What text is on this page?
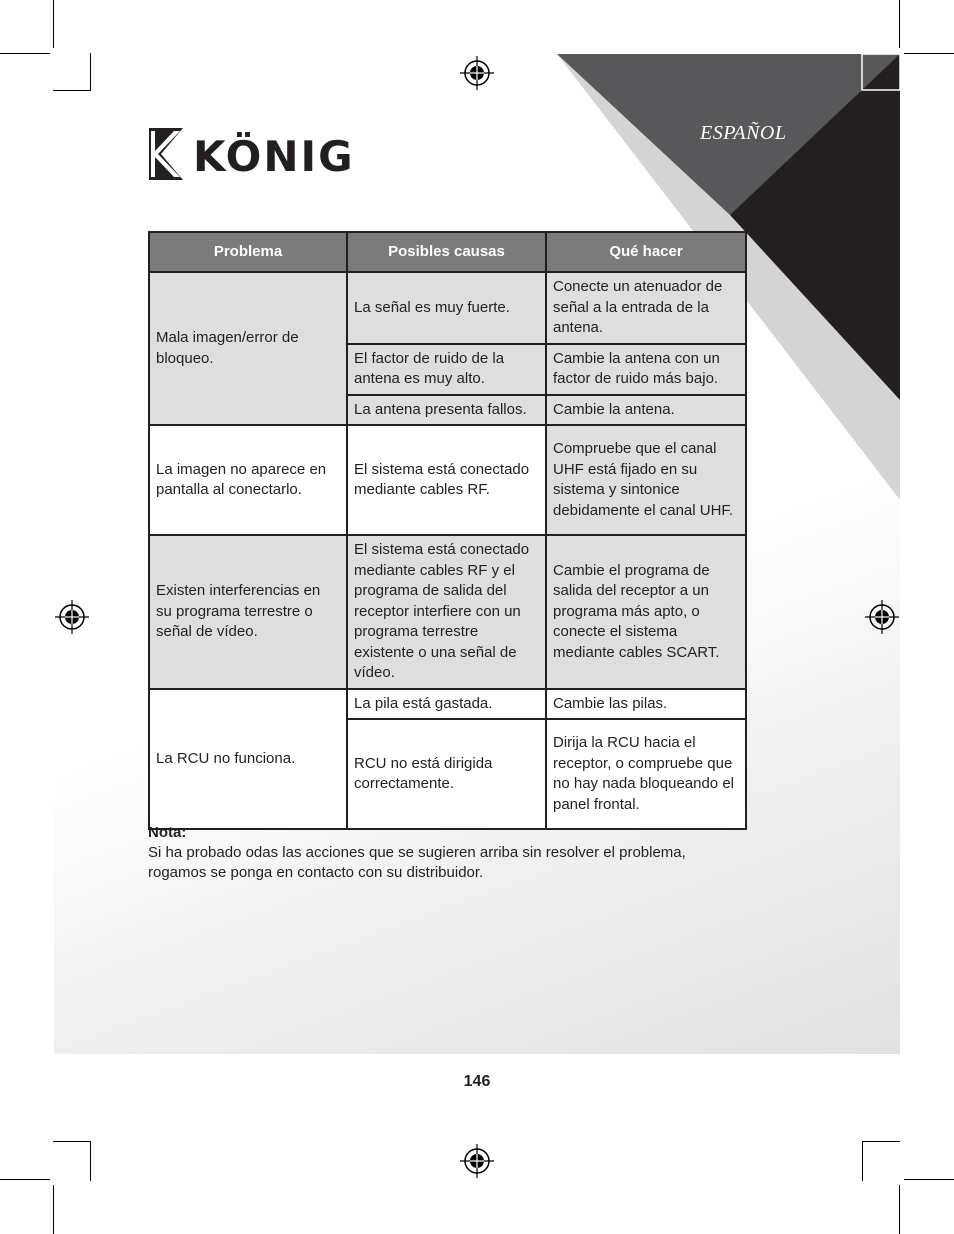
ESPAÑOL
KÖNIG
Problema	Posibles causas	Qué hacer
Mala imagen/error de bloqueo.	La señal es muy fuerte.	Conecte un atenuador de señal a la entrada de la antena.
	El factor de ruido de la antena es muy alto.	Cambie la antena con un factor de ruido más bajo.
	La antena presenta fallos.	Cambie la antena.
La imagen no aparece en pantalla al conectarlo.	El sistema está conectado mediante cables RF.	Compruebe que el canal UHF está fijado en su sistema y sintonice debidamente el canal UHF.
Existen interferencias en su programa terrestre o señal de vídeo.	El sistema está conectado mediante cables RF y el programa de salida del receptor interfiere con un programa terrestre existente o una señal de vídeo.	Cambie el programa de salida del receptor a un programa más apto, o conecte el sistema mediante cables SCART.
La RCU no funciona.	La pila está gastada.	Cambie las pilas.
	RCU no está dirigida correctamente.	Dirija la RCU hacia el receptor, o compruebe que no hay nada bloqueando el panel frontal.
Nota:
Si ha probado odas las acciones que se sugieren arriba sin resolver el problema, rogamos se ponga en contacto con su distribuidor.
146
